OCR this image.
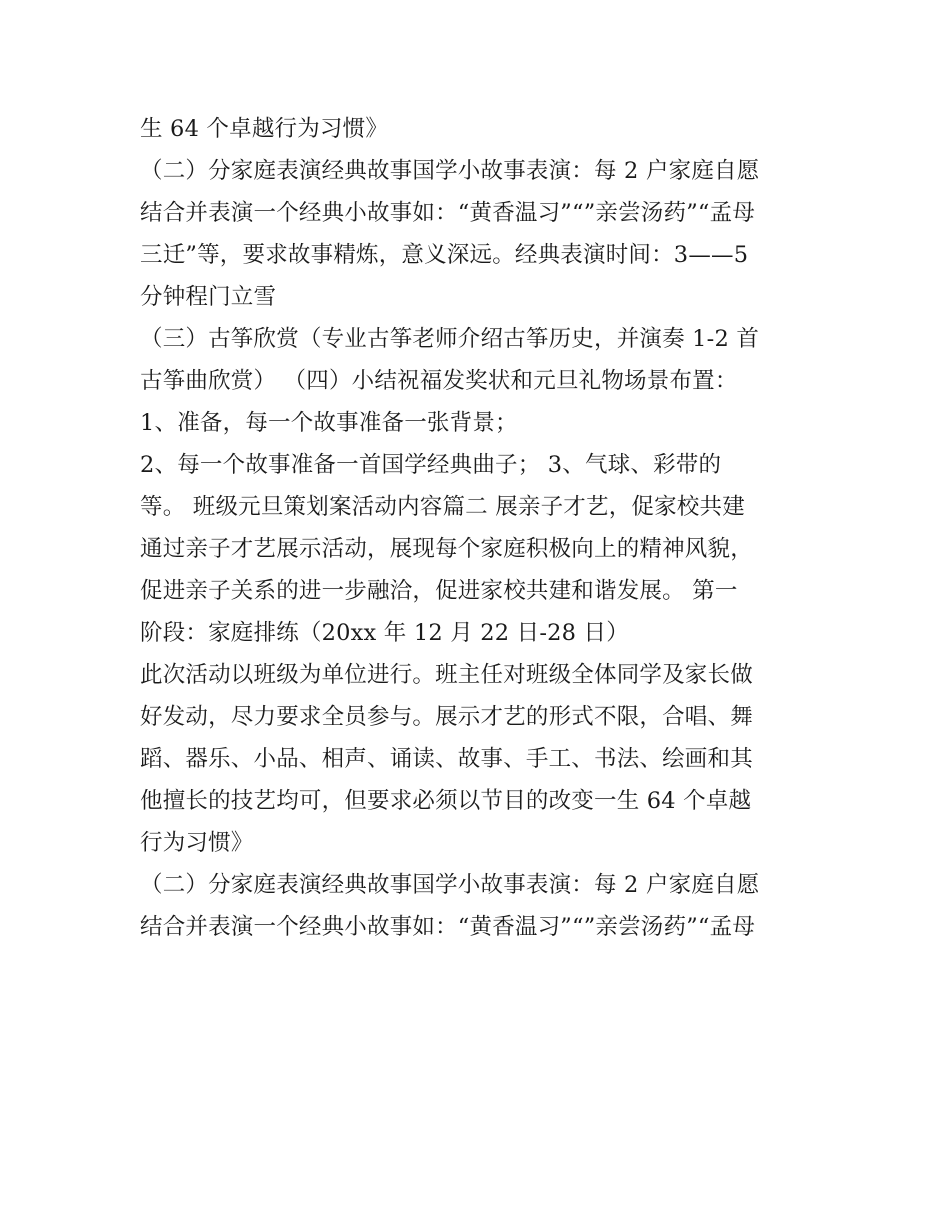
生 64 个卓越行为习惯》
（二）分家庭表演经典故事国学小故事表演：每 2 户家庭自愿
结合并表演一个经典小故事如：“黄香温习”“”亲尝汤药”“孟母
三迁”等，要求故事精炼，意义深远。经典表演时间：3——5
分钟程门立雪
（三）古筝欣赏（专业古筝老师介绍古筝历史，并演奏 1-2 首
古筝曲欣赏） （四）小结祝福发奖状和元旦礼物场景布置：
1、准备，每一个故事准备一张背景；
2、每一个故事准备一首国学经典曲子； 3、气球、彩带的
等。 班级元旦策划案活动内容篇二 展亲子才艺，促家校共建
通过亲子才艺展示活动，展现每个家庭积极向上的精神风貌，
促进亲子关系的进一步融洽，促进家校共建和谐发展。 第一
阶段：家庭排练（20xx 年 12 月 22 日-28 日）
此次活动以班级为单位进行。班主任对班级全体同学及家长做
好发动，尽力要求全员参与。展示才艺的形式不限，合唱、舞
蹈、器乐、小品、相声、诵读、故事、手工、书法、绘画和其
他擅长的技艺均可，但要求必须以节目的改变一生 64 个卓越
行为习惯》
（二）分家庭表演经典故事国学小故事表演：每 2 户家庭自愿
结合并表演一个经典小故事如：“黄香温习”“”亲尝汤药”“孟母
